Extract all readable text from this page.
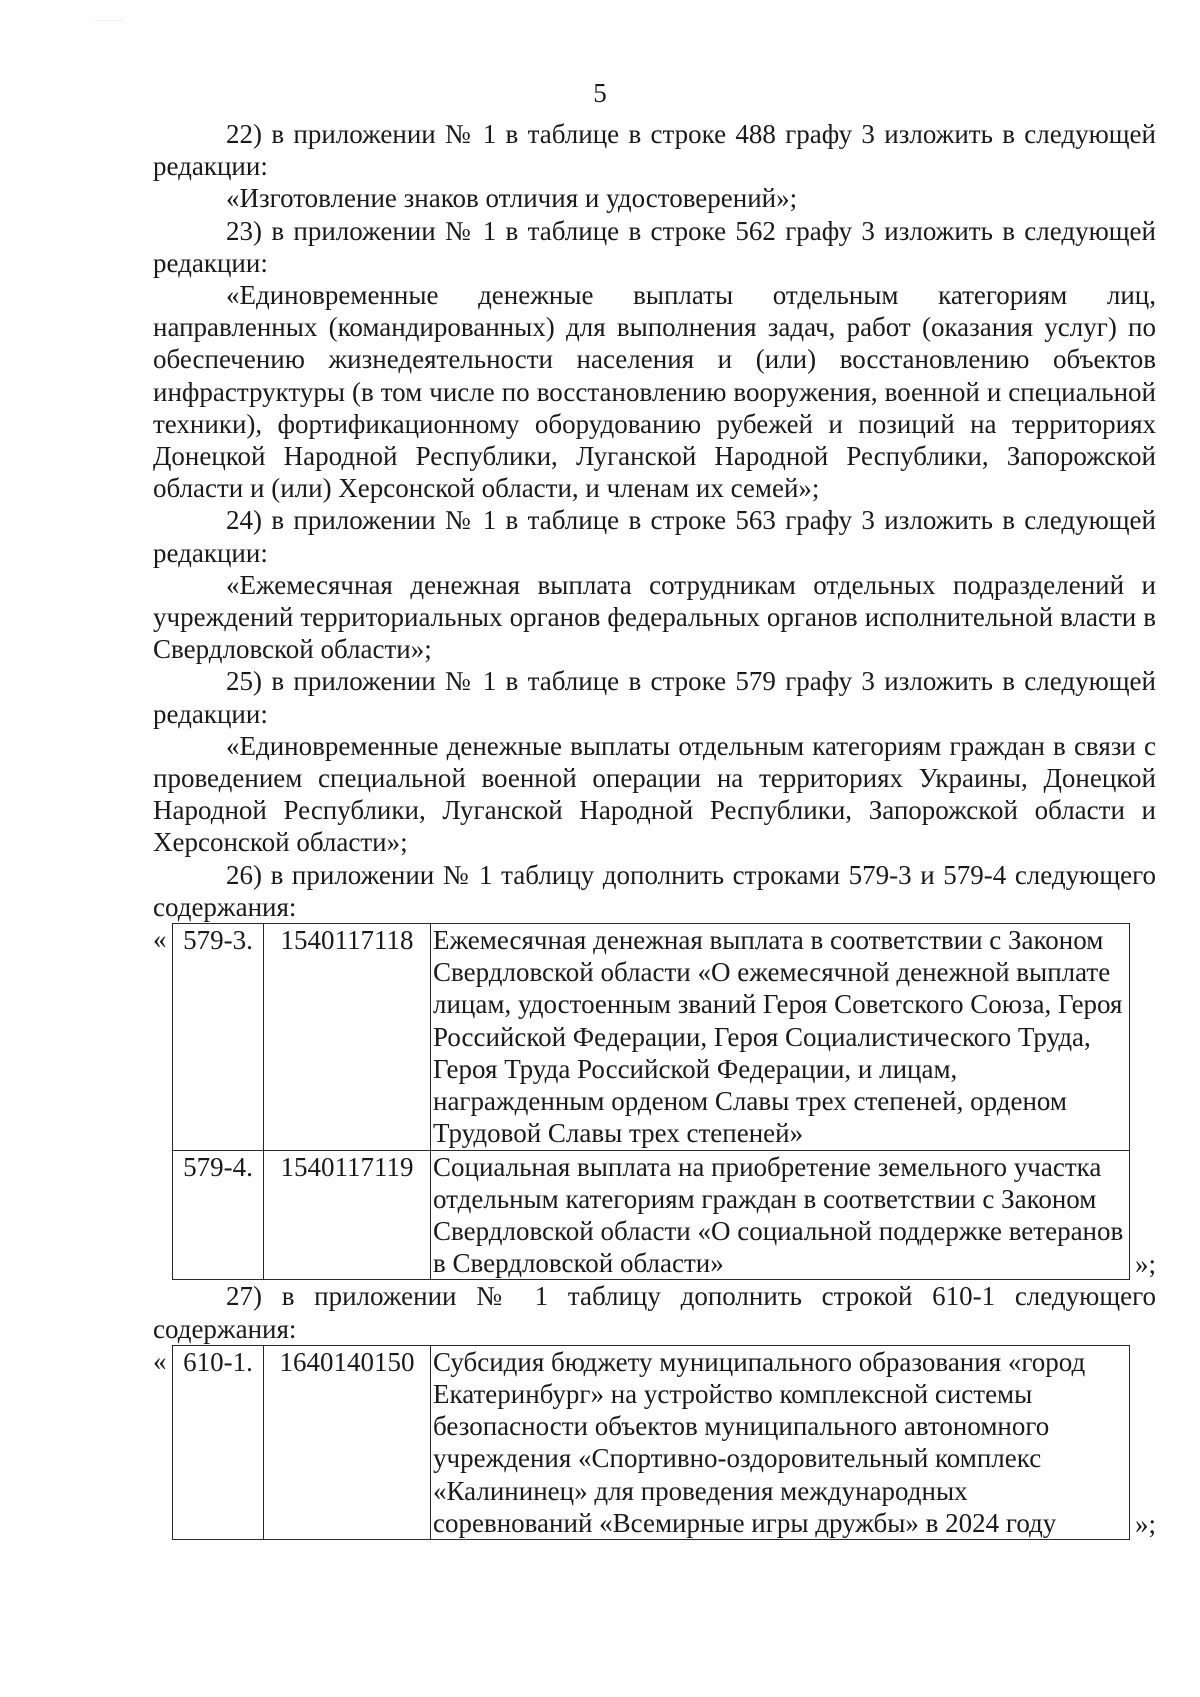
5

22) в приложении № 1 в таблице в строке 488 графу 3 изложить в следующей редакции:

«Изготовление знаков отличия и удостоверений»;

23) в приложении № 1 в таблице в строке 562 графу 3 изложить в следующей редакции:

«Единовременные денежные выплаты отдельным категориям лиц, направленных (командированных) для выполнения задач, работ (оказания услуг) по обеспечению жизнедеятельности населения и (или) восстановлению объектов инфраструктуры (в том числе по восстановлению вооружения, военной и специальной техники), фортификационному оборудованию рубежей и позиций на территориях Донецкой Народной Республики, Луганской Народной Республики, Запорожской области и (или) Херсонской области, и членам их семей»;

24) в приложении № 1 в таблице в строке 563 графу 3 изложить в следующей редакции:

«Ежемесячная денежная выплата сотрудникам отдельных подразделений и учреждений территориальных органов федеральных органов исполнительной власти в Свердловской области»;

25) в приложении № 1 в таблице в строке 579 графу 3 изложить в следующей редакции:

«Единовременные денежные выплаты отдельным категориям граждан в связи с проведением специальной военной операции на территориях Украины, Донецкой Народной Республики, Луганской Народной Республики, Запорожской области и Херсонской области»;

26) в приложении № 1 таблицу дополнить строками 579-3 и 579-4 следующего содержания:

« 579-3.	1540117118	Ежемесячная денежная выплата в соответствии с Законом Свердловской области «О ежемесячной денежной выплате лицам, удостоенным званий Героя Советского Союза, Героя Российской Федерации, Героя Социалистического Труда, Героя Труда Российской Федерации, и лицам, награжденным орденом Славы трех степеней, орденом Трудовой Славы трех степеней»
579-4.	1540117119	Социальная выплата на приобретение земельного участка отдельным категориям граждан в соответствии с Законом Свердловской области «О социальной поддержке ветеранов в Свердловской области»	»;

27) в приложении № 1 таблицу дополнить строкой 610-1 следующего содержания:

« 610-1.	1640140150	Субсидия бюджету муниципального образования «город Екатеринбург» на устройство комплексной системы безопасности объектов муниципального автономного учреждения «Спортивно-оздоровительный комплекс «Калининец» для проведения международных соревнований «Всемирные игры дружбы» в 2024 году	»;
